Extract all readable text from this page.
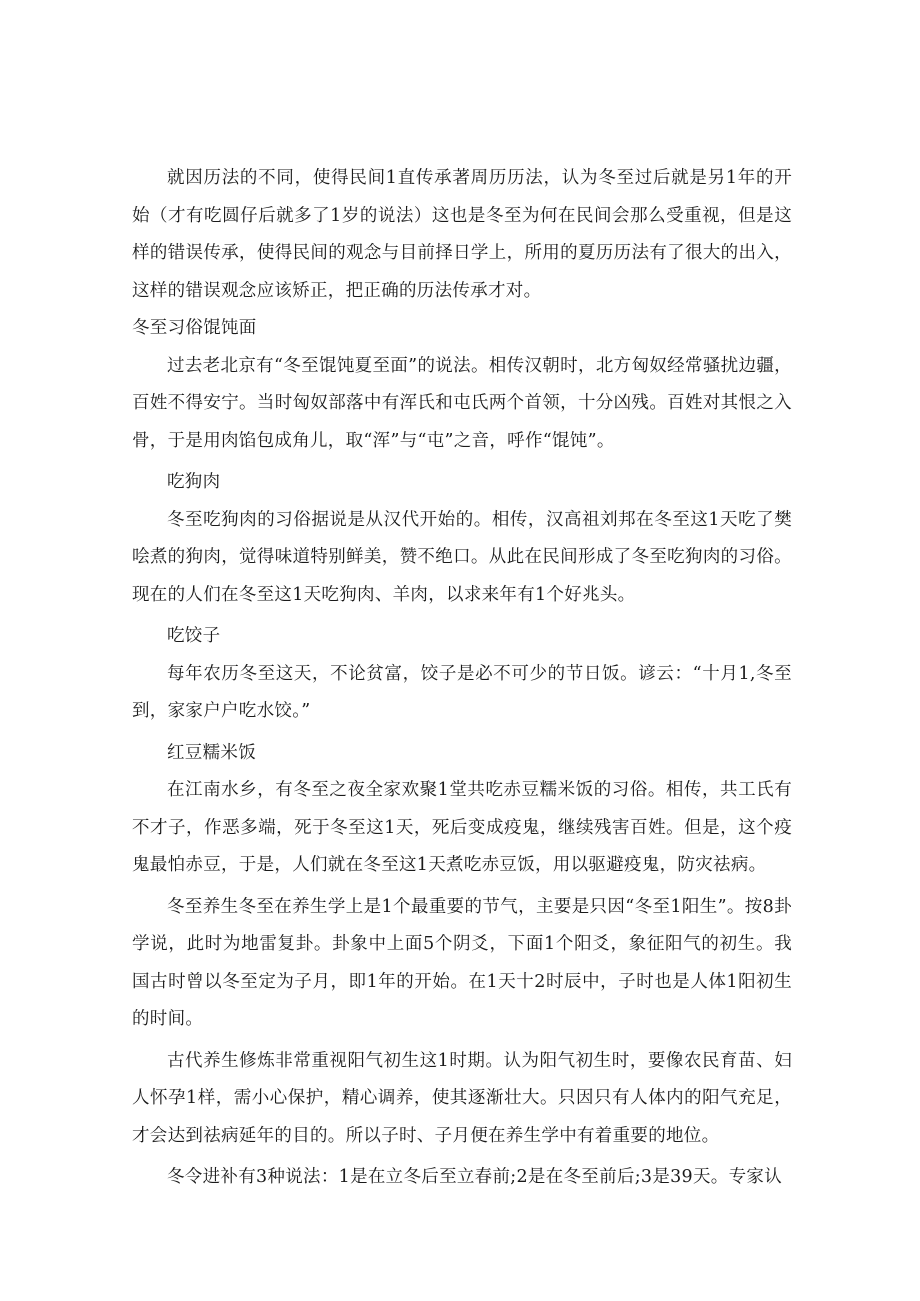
就因历法的不同，使得民间1直传承著周历历法，认为冬至过后就是另1年的开始（才有吃圆仔后就多了1岁的说法）这也是冬至为何在民间会那么受重视，但是这样的错误传承，使得民间的观念与目前择日学上，所用的夏历历法有了很大的出入，这样的错误观念应该矫正，把正确的历法传承才对。

冬至习俗馄饨面

过去老北京有“冬至馄饨夏至面”的说法。相传汉朝时，北方匈奴经常骚扰边疆，百姓不得安宁。当时匈奴部落中有浑氏和屯氏两个首领，十分凶残。百姓对其恨之入骨，于是用肉馅包成角儿，取“浑”与“屯”之音，呼作“馄饨”。

吃狗肉

冬至吃狗肉的习俗据说是从汉代开始的。相传，汉高祖刘邦在冬至这1天吃了樊哙煮的狗肉，觉得味道特别鲜美，赞不绝口。从此在民间形成了冬至吃狗肉的习俗。现在的人们在冬至这1天吃狗肉、羊肉，以求来年有1个好兆头。

吃饺子

每年农历冬至这天，不论贫富，饺子是必不可少的节日饭。谚云：“十月1,冬至到，家家户户吃水饺。”

红豆糯米饭

在江南水乡，有冬至之夜全家欢聚1堂共吃赤豆糯米饭的习俗。相传，共工氏有不才子，作恶多端，死于冬至这1天，死后变成疫鬼，继续残害百姓。但是，这个疫鬼最怕赤豆，于是，人们就在冬至这1天煮吃赤豆饭，用以驱避疫鬼，防灾祛病。

冬至养生冬至在养生学上是1个最重要的节气，主要是只因“冬至1阳生”。按8卦学说，此时为地雷复卦。卦象中上面5个阴爻，下面1个阳爻，象征阳气的初生。我国古时曾以冬至定为子月，即1年的开始。在1天十2时辰中，子时也是人体1阳初生的时间。

古代养生修炼非常重视阳气初生这1时期。认为阳气初生时，要像农民育苗、妇人怀孕1样，需小心保护，精心调养，使其逐渐壮大。只因只有人体内的阳气充足，才会达到祛病延年的目的。所以子时、子月便在养生学中有着重要的地位。

冬令进补有3种说法：1是在立冬后至立春前;2是在冬至前后;3是39天。专家认
